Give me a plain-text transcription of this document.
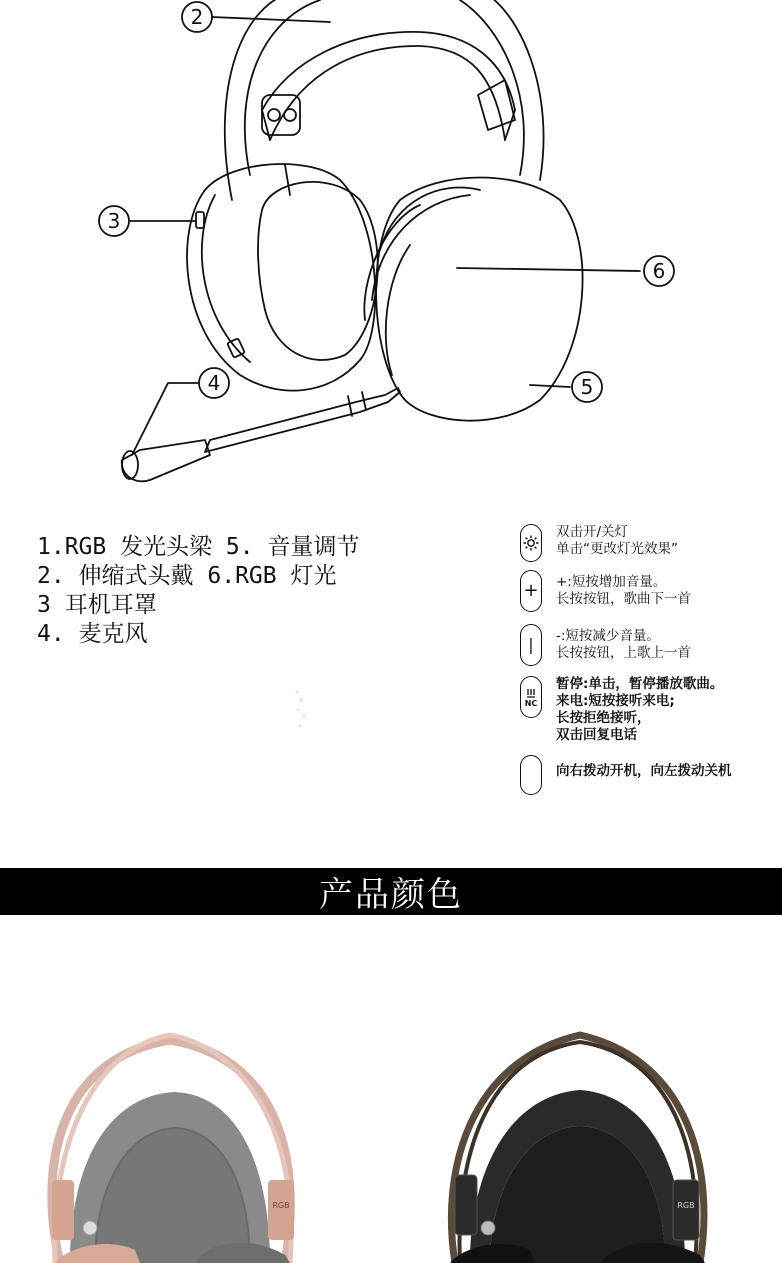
2
3
4	5
6
1.RGB 发光头梁 5. 音量调节
2. 伸缩式头戴 6.RGB 灯光
3 耳机耳罩
4. 麦克风
双击开/关灯
单击“更改灯光效果”
+ +:短按增加音量。
长按按钮，歌曲下一首
| -:短按减少音量。
长按按钮，上歌上一首
NC
暂停:单击，暂停播放歌曲。
来电:短按接听来电;
长按拒绝接听，
双击回复电话
向右拨动开机，向左拨动关机
产品颜色
RGB	RGB
